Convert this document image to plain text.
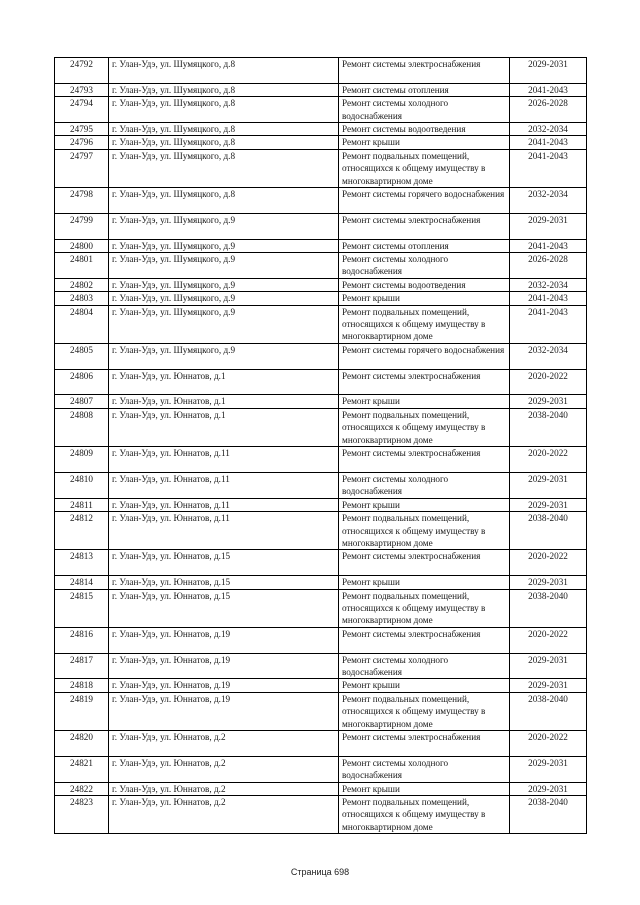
24792	г. Улан-Удэ, ул. Шумяцкого, д.8	Ремонт системы электроснабжения	2029-2031
24793	г. Улан-Удэ, ул. Шумяцкого, д.8	Ремонт системы отопления	2041-2043
24794	г. Улан-Удэ, ул. Шумяцкого, д.8	Ремонт системы холодного водоснабжения	2026-2028
24795	г. Улан-Удэ, ул. Шумяцкого, д.8	Ремонт системы водоотведения	2032-2034
24796	г. Улан-Удэ, ул. Шумяцкого, д.8	Ремонт крыши	2041-2043
24797	г. Улан-Удэ, ул. Шумяцкого, д.8	Ремонт подвальных помещений, относящихся к общему имуществу в многоквартирном доме	2041-2043
24798	г. Улан-Удэ, ул. Шумяцкого, д.8	Ремонт системы горячего водоснабжения	2032-2034
24799	г. Улан-Удэ, ул. Шумяцкого, д.9	Ремонт системы электроснабжения	2029-2031
24800	г. Улан-Удэ, ул. Шумяцкого, д.9	Ремонт системы отопления	2041-2043
24801	г. Улан-Удэ, ул. Шумяцкого, д.9	Ремонт системы холодного водоснабжения	2026-2028
24802	г. Улан-Удэ, ул. Шумяцкого, д.9	Ремонт системы водоотведения	2032-2034
24803	г. Улан-Удэ, ул. Шумяцкого, д.9	Ремонт крыши	2041-2043
24804	г. Улан-Удэ, ул. Шумяцкого, д.9	Ремонт подвальных помещений, относящихся к общему имуществу в многоквартирном доме	2041-2043
24805	г. Улан-Удэ, ул. Шумяцкого, д.9	Ремонт системы горячего водоснабжения	2032-2034
24806	г. Улан-Удэ, ул. Юннатов, д.1	Ремонт системы электроснабжения	2020-2022
24807	г. Улан-Удэ, ул. Юннатов, д.1	Ремонт крыши	2029-2031
24808	г. Улан-Удэ, ул. Юннатов, д.1	Ремонт подвальных помещений, относящихся к общему имуществу в многоквартирном доме	2038-2040
24809	г. Улан-Удэ, ул. Юннатов, д.11	Ремонт системы электроснабжения	2020-2022
24810	г. Улан-Удэ, ул. Юннатов, д.11	Ремонт системы холодного водоснабжения	2029-2031
24811	г. Улан-Удэ, ул. Юннатов, д.11	Ремонт крыши	2029-2031
24812	г. Улан-Удэ, ул. Юннатов, д.11	Ремонт подвальных помещений, относящихся к общему имуществу в многоквартирном доме	2038-2040
24813	г. Улан-Удэ, ул. Юннатов, д.15	Ремонт системы электроснабжения	2020-2022
24814	г. Улан-Удэ, ул. Юннатов, д.15	Ремонт крыши	2029-2031
24815	г. Улан-Удэ, ул. Юннатов, д.15	Ремонт подвальных помещений, относящихся к общему имуществу в многоквартирном доме	2038-2040
24816	г. Улан-Удэ, ул. Юннатов, д.19	Ремонт системы электроснабжения	2020-2022
24817	г. Улан-Удэ, ул. Юннатов, д.19	Ремонт системы холодного водоснабжения	2029-2031
24818	г. Улан-Удэ, ул. Юннатов, д.19	Ремонт крыши	2029-2031
24819	г. Улан-Удэ, ул. Юннатов, д.19	Ремонт подвальных помещений, относящихся к общему имуществу в многоквартирном доме	2038-2040
24820	г. Улан-Удэ, ул. Юннатов, д.2	Ремонт системы электроснабжения	2020-2022
24821	г. Улан-Удэ, ул. Юннатов, д.2	Ремонт системы холодного водоснабжения	2029-2031
24822	г. Улан-Удэ, ул. Юннатов, д.2	Ремонт крыши	2029-2031
24823	г. Улан-Удэ, ул. Юннатов, д.2	Ремонт подвальных помещений, относящихся к общему имуществу в многоквартирном доме	2038-2040
Страница 698
